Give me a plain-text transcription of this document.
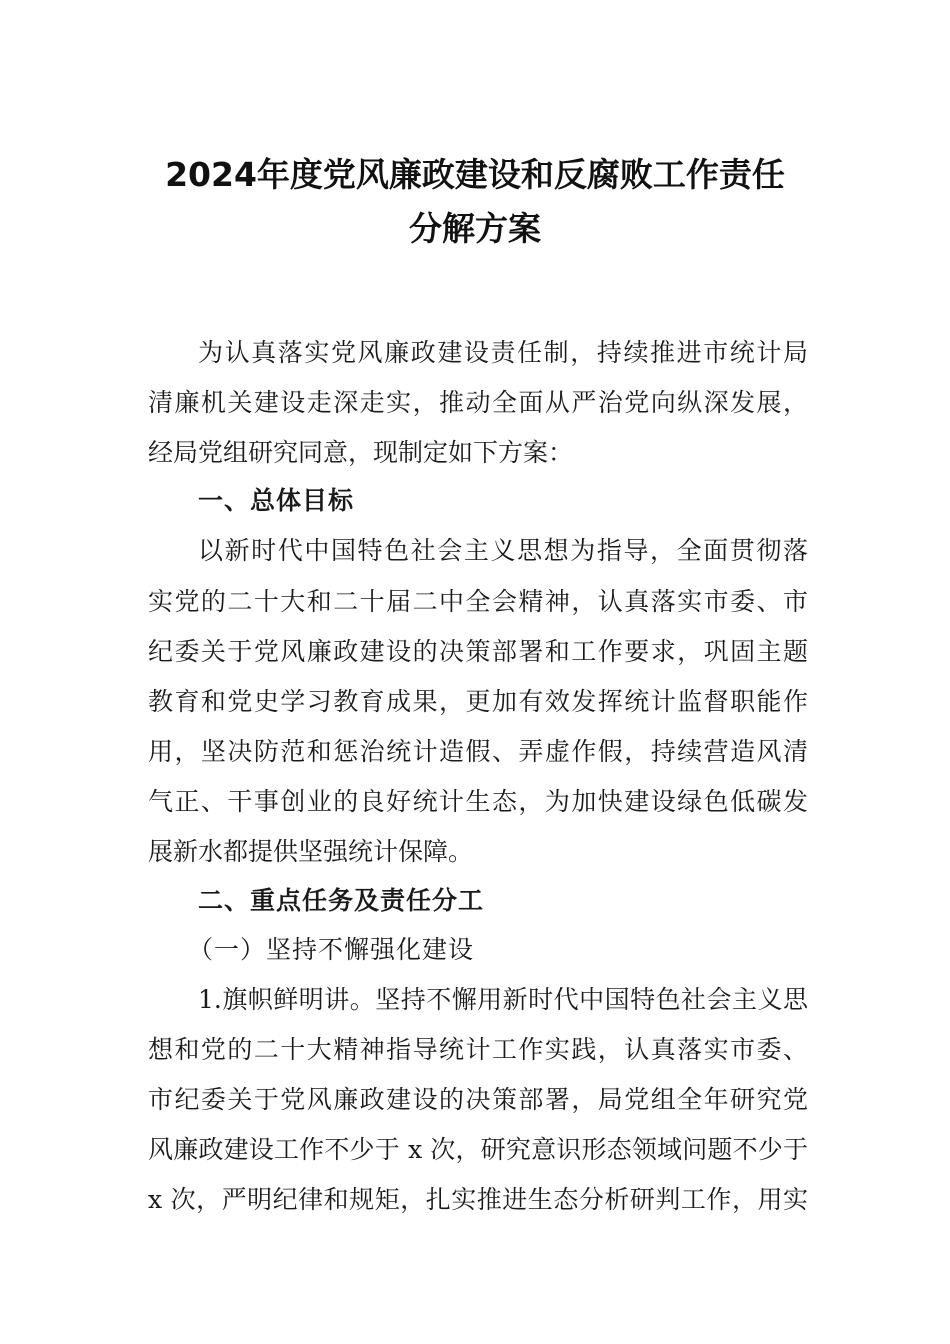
2024年度党风廉政建设和反腐败工作责任
分解方案
为认真落实党风廉政建设责任制，持续推进市统计局
清廉机关建设走深走实，推动全面从严治党向纵深发展，
经局党组研究同意，现制定如下方案：
一、总体目标
以新时代中国特色社会主义思想为指导，全面贯彻落
实党的二十大和二十届二中全会精神，认真落实市委、市
纪委关于党风廉政建设的决策部署和工作要求，巩固主题
教育和党史学习教育成果，更加有效发挥统计监督职能作
用，坚决防范和惩治统计造假、弄虚作假，持续营造风清
气正、干事创业的良好统计生态，为加快建设绿色低碳发
展新水都提供坚强统计保障。
二、重点任务及责任分工
（一）坚持不懈强化建设
1.旗帜鲜明讲。坚持不懈用新时代中国特色社会主义思
想和党的二十大精神指导统计工作实践，认真落实市委、
市纪委关于党风廉政建设的决策部署，局党组全年研究党
风廉政建设工作不少于 x 次，研究意识形态领域问题不少于
x 次，严明纪律和规矩，扎实推进生态分析研判工作，用实
